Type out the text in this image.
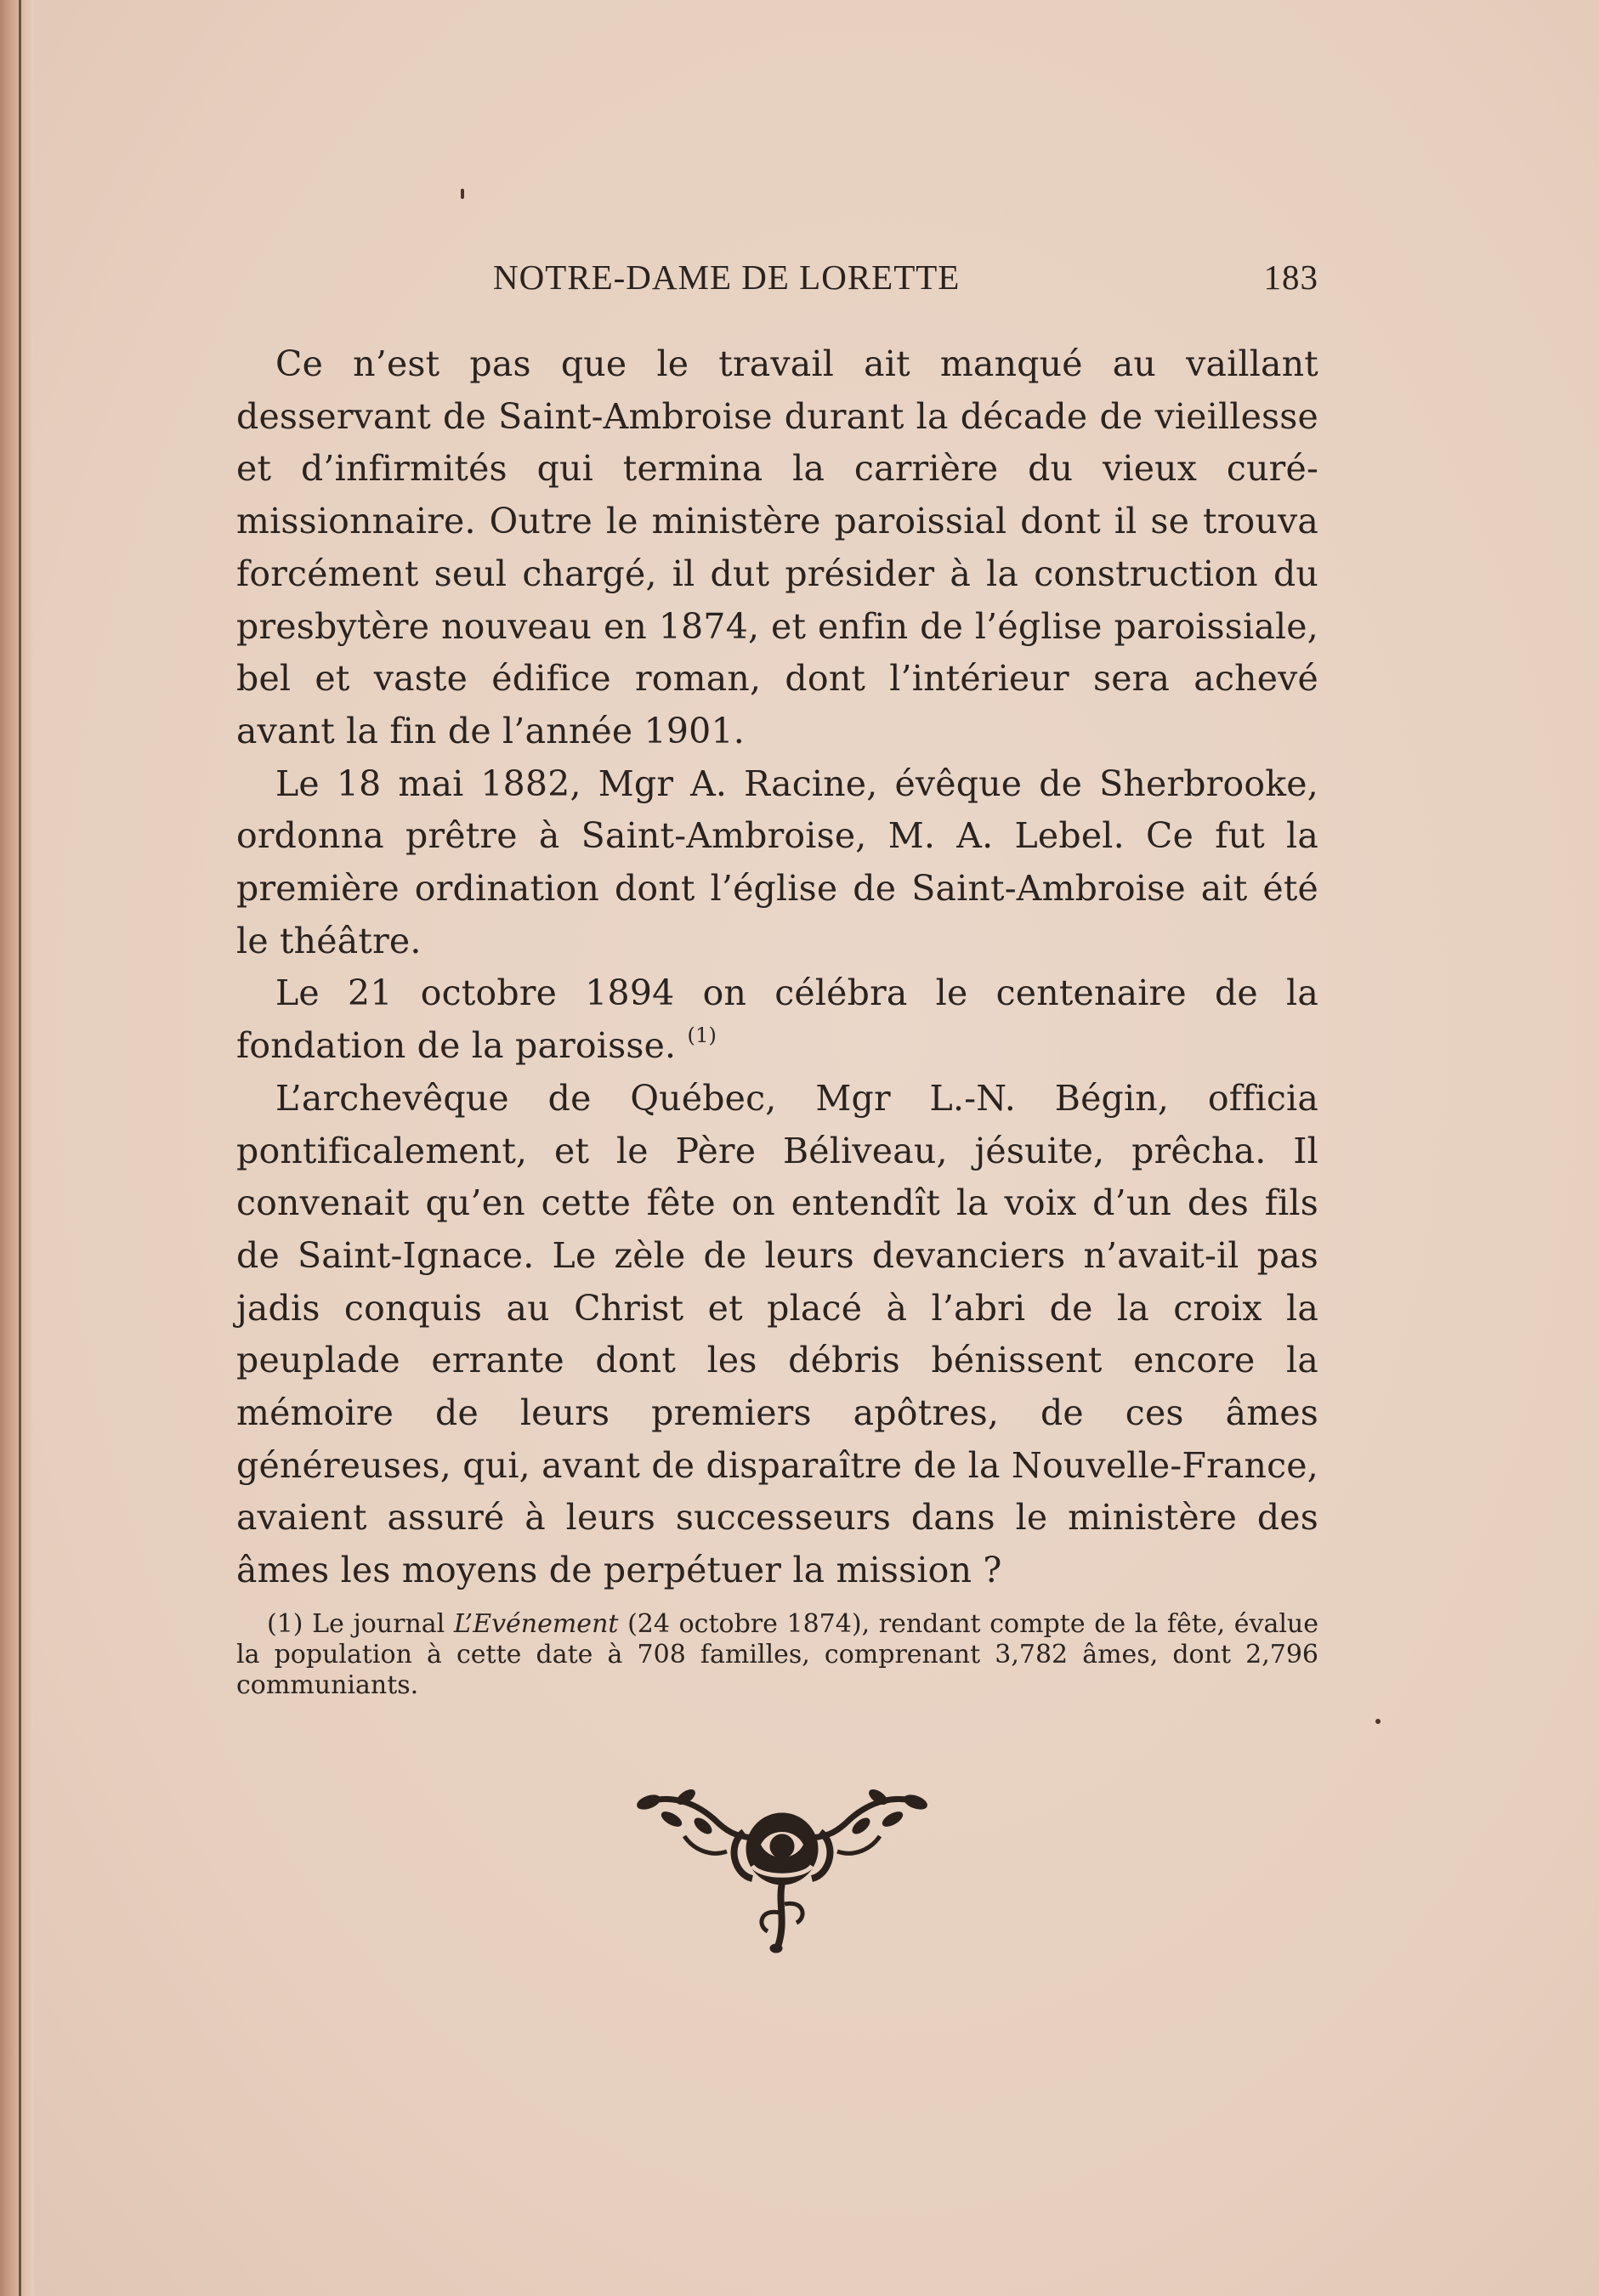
NOTRE-DAME DE LORETTE	183

Ce n’est pas que le travail ait manqué au vaillant desservant de Saint-Ambroise durant la décade de vieillesse et d’infirmités qui termina la carrière du vieux curé-missionnaire. Outre le ministère paroissial dont il se trouva forcément seul chargé, il dut présider à la construction du presbytère nouveau en 1874, et enfin de l’église paroissiale, bel et vaste édifice roman, dont l’intérieur sera achevé avant la fin de l’année 1901.

Le 18 mai 1882, Mgr A. Racine, évêque de Sherbrooke, ordonna prêtre à Saint-Ambroise, M. A. Lebel. Ce fut la première ordination dont l’église de Saint-Ambroise ait été le théâtre.

Le 21 octobre 1894 on célébra le centenaire de la fondation de la paroisse. $^{(1)}$

L’archevêque de Québec, Mgr L.-N. Bégin, officia pontificalement, et le Père Béliveau, jésuite, prêcha. Il convenait qu’en cette fête on entendît la voix d’un des fils de Saint-Ignace. Le zèle de leurs devanciers n’avait-il pas jadis conquis au Christ et placé à l’abri de la croix la peuplade errante dont les débris bénissent encore la mémoire de leurs premiers apôtres, de ces âmes généreuses, qui, avant de disparaître de la Nouvelle-France, avaient assuré à leurs successeurs dans le ministère des âmes les moyens de perpétuer la mission ?

(1) Le journal L’Evénement (24 octobre 1874), rendant compte de la fête, évalue la population à cette date à 708 familles, comprenant 3,782 âmes, dont 2,796 communiants.
